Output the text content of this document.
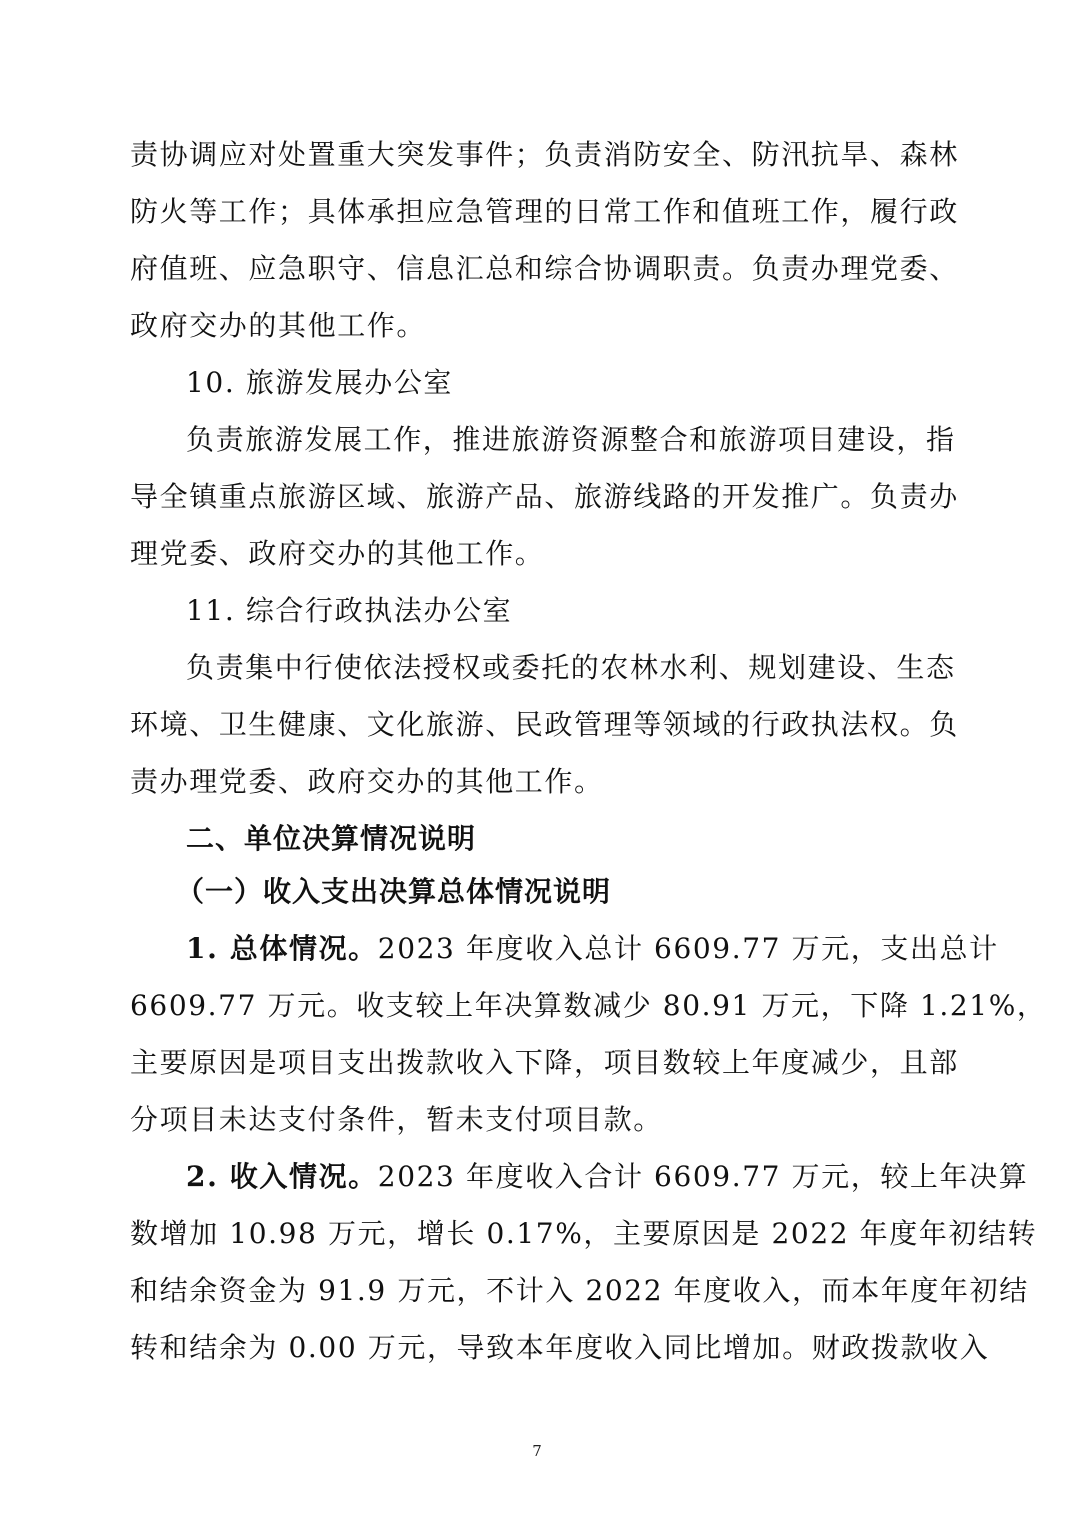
责协调应对处置重大突发事件；负责消防安全、防汛抗旱、森林
防火等工作；具体承担应急管理的日常工作和值班工作，履行政
府值班、应急职守、信息汇总和综合协调职责。负责办理党委、
政府交办的其他工作。
10. 旅游发展办公室
负责旅游发展工作，推进旅游资源整合和旅游项目建设，指
导全镇重点旅游区域、旅游产品、旅游线路的开发推广。负责办
理党委、政府交办的其他工作。
11. 综合行政执法办公室
负责集中行使依法授权或委托的农林水利、规划建设、生态
环境、卫生健康、文化旅游、民政管理等领域的行政执法权。负
责办理党委、政府交办的其他工作。
二、单位决算情况说明
（一）收入支出决算总体情况说明
1. 总体情况。2023 年度收入总计 6609.77 万元，支出总计
6609.77 万元。收支较上年决算数减少 80.91 万元，下降 1.21%，
主要原因是项目支出拨款收入下降，项目数较上年度减少，且部
分项目未达支付条件，暂未支付项目款。
2. 收入情况。2023 年度收入合计 6609.77 万元，较上年决算
数增加 10.98 万元，增长 0.17%，主要原因是 2022 年度年初结转
和结余资金为 91.9 万元，不计入 2022 年度收入，而本年度年初结
转和结余为 0.00 万元，导致本年度收入同比增加。财政拨款收入
7
